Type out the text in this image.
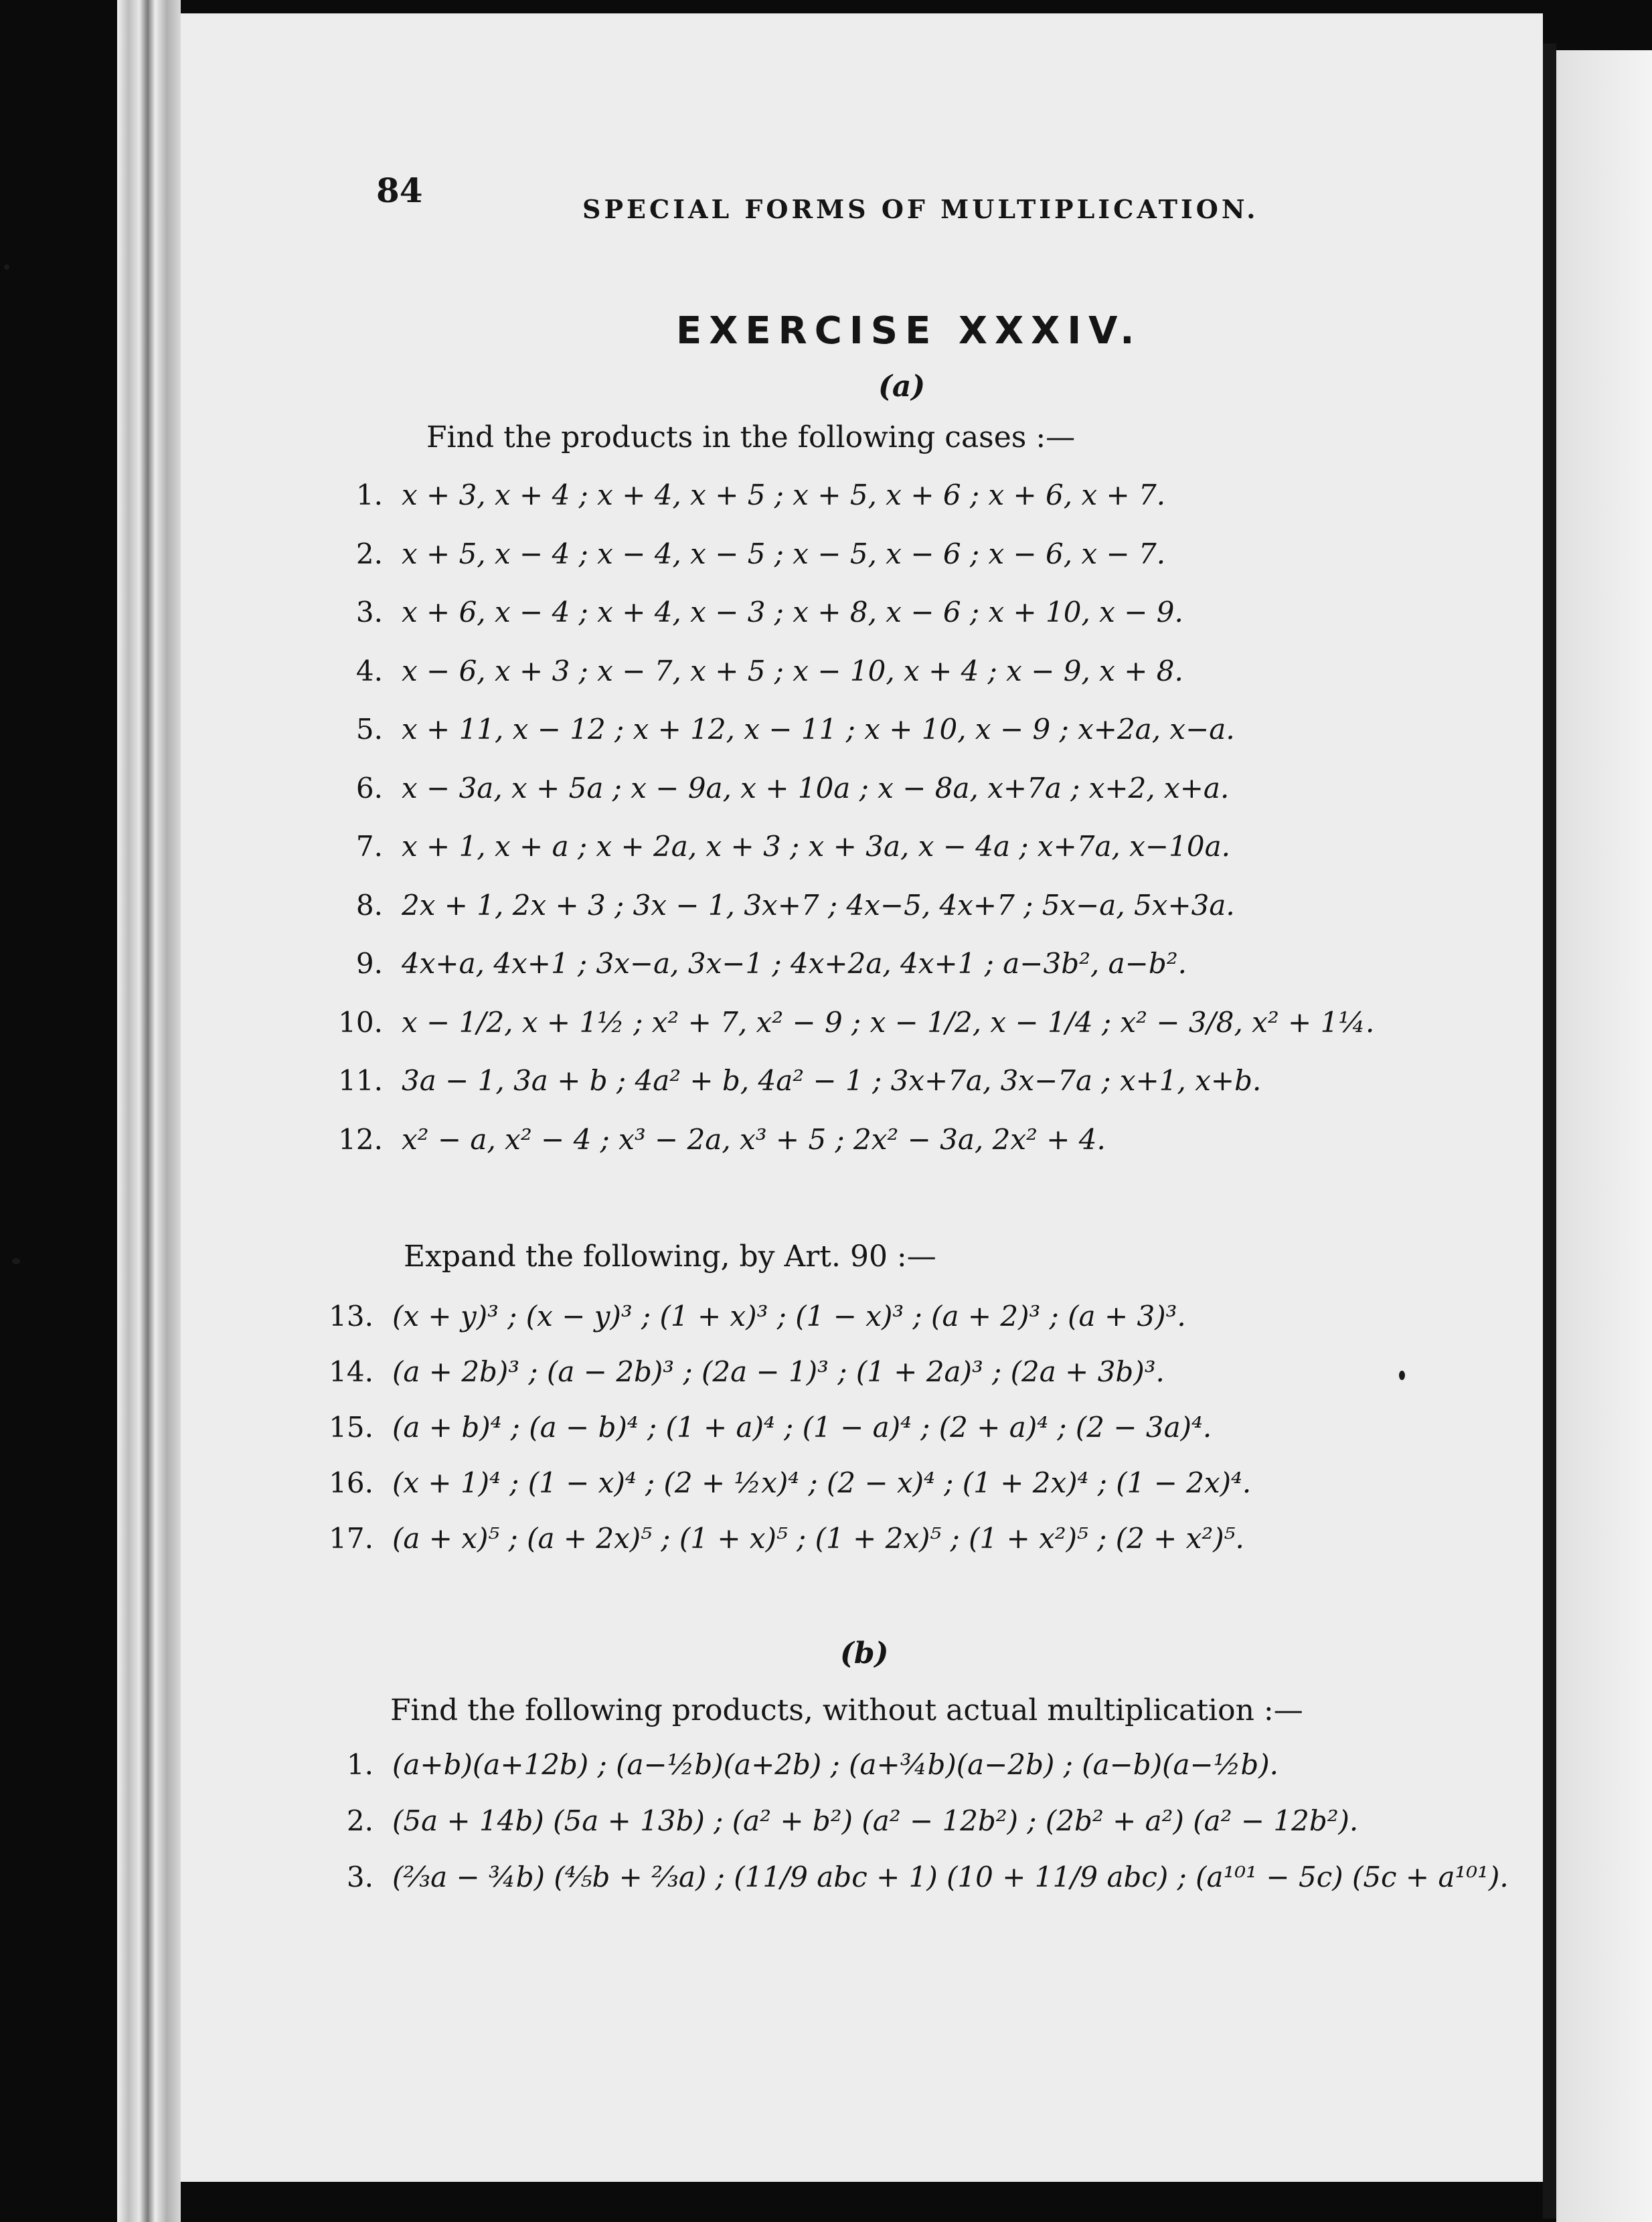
84	SPECIAL FORMS OF MULTIPLICATION.
EXERCISE XXXIV.
(a)
Find the products in the following cases :—
1. x + 3, x + 4 ; x + 4, x + 5 ; x + 5, x + 6 ; x + 6, x + 7.
2. x + 5, x − 4 ; x − 4, x − 5 ; x − 5, x − 6 ; x − 6, x − 7.
3. x + 6, x − 4 ; x + 4, x − 3 ; x + 8, x − 6 ; x + 10, x − 9.
4. x − 6, x + 3 ; x − 7, x + 5 ; x − 10, x + 4 ; x − 9, x + 8.
5. x + 11, x − 12 ; x + 12, x − 11 ; x + 10, x − 9 ; x+2a, x−a.
6. x − 3a, x + 5a ; x − 9a, x + 10a ; x − 8a, x+7a ; x+2, x+a.
7. x + 1, x + a ; x + 2a, x + 3 ; x + 3a, x − 4a ; x+7a, x−10a.
8. 2x + 1, 2x + 3 ; 3x − 1, 3x+7 ; 4x−5, 4x+7 ; 5x−a, 5x+3a.
9. 4x+a, 4x+1 ; 3x−a, 3x−1 ; 4x+2a, 4x+1 ; a−3b², a−b².
10. x − 1/2, x + 1½ ; x² + 7, x² − 9 ; x − 1/2, x − 1/4 ; x² − 3/8, x² + 1¼.
11. 3a − 1, 3a + b ; 4a² + b, 4a² − 1 ; 3x+7a, 3x−7a ; x+1, x+b.
12. x² − a, x² − 4 ; x³ − 2a, x³ + 5 ; 2x² − 3a, 2x² + 4.
Expand the following, by Art. 90 :—
13. (x + y)³ ; (x − y)³ ; (1 + x)³ ; (1 − x)³ ; (a + 2)³ ; (a + 3)³.
14. (a + 2b)³ ; (a − 2b)³ ; (2a − 1)³ ; (1 + 2a)³ ; (2a + 3b)³.
15. (a + b)⁴ ; (a − b)⁴ ; (1 + a)⁴ ; (1 − a)⁴ ; (2 + a)⁴ ; (2 − 3a)⁴.
16. (x + 1)⁴ ; (1 − x)⁴ ; (2 + ½x)⁴ ; (2 − x)⁴ ; (1 + 2x)⁴ ; (1 − 2x)⁴.
17. (a + x)⁵ ; (a + 2x)⁵ ; (1 + x)⁵ ; (1 + 2x)⁵ ; (1 + x²)⁵ ; (2 + x²)⁵.
(b)
Find the following products, without actual multiplication :—
1. (a+b)(a+12b) ; (a−½b)(a+2b) ; (a+¾b)(a−2b) ; (a−b)(a−½b).
2. (5a + 14b) (5a + 13b) ; (a² + b²) (a² − 12b²) ; (2b² + a²) (a² − 12b²).
3. (⅔a − ¾b) (⅘b + ⅔a) ; (11/9 abc + 1) (10 + 11/9 abc) ; (a¹⁰¹ − 5c) (5c + a¹⁰¹).
